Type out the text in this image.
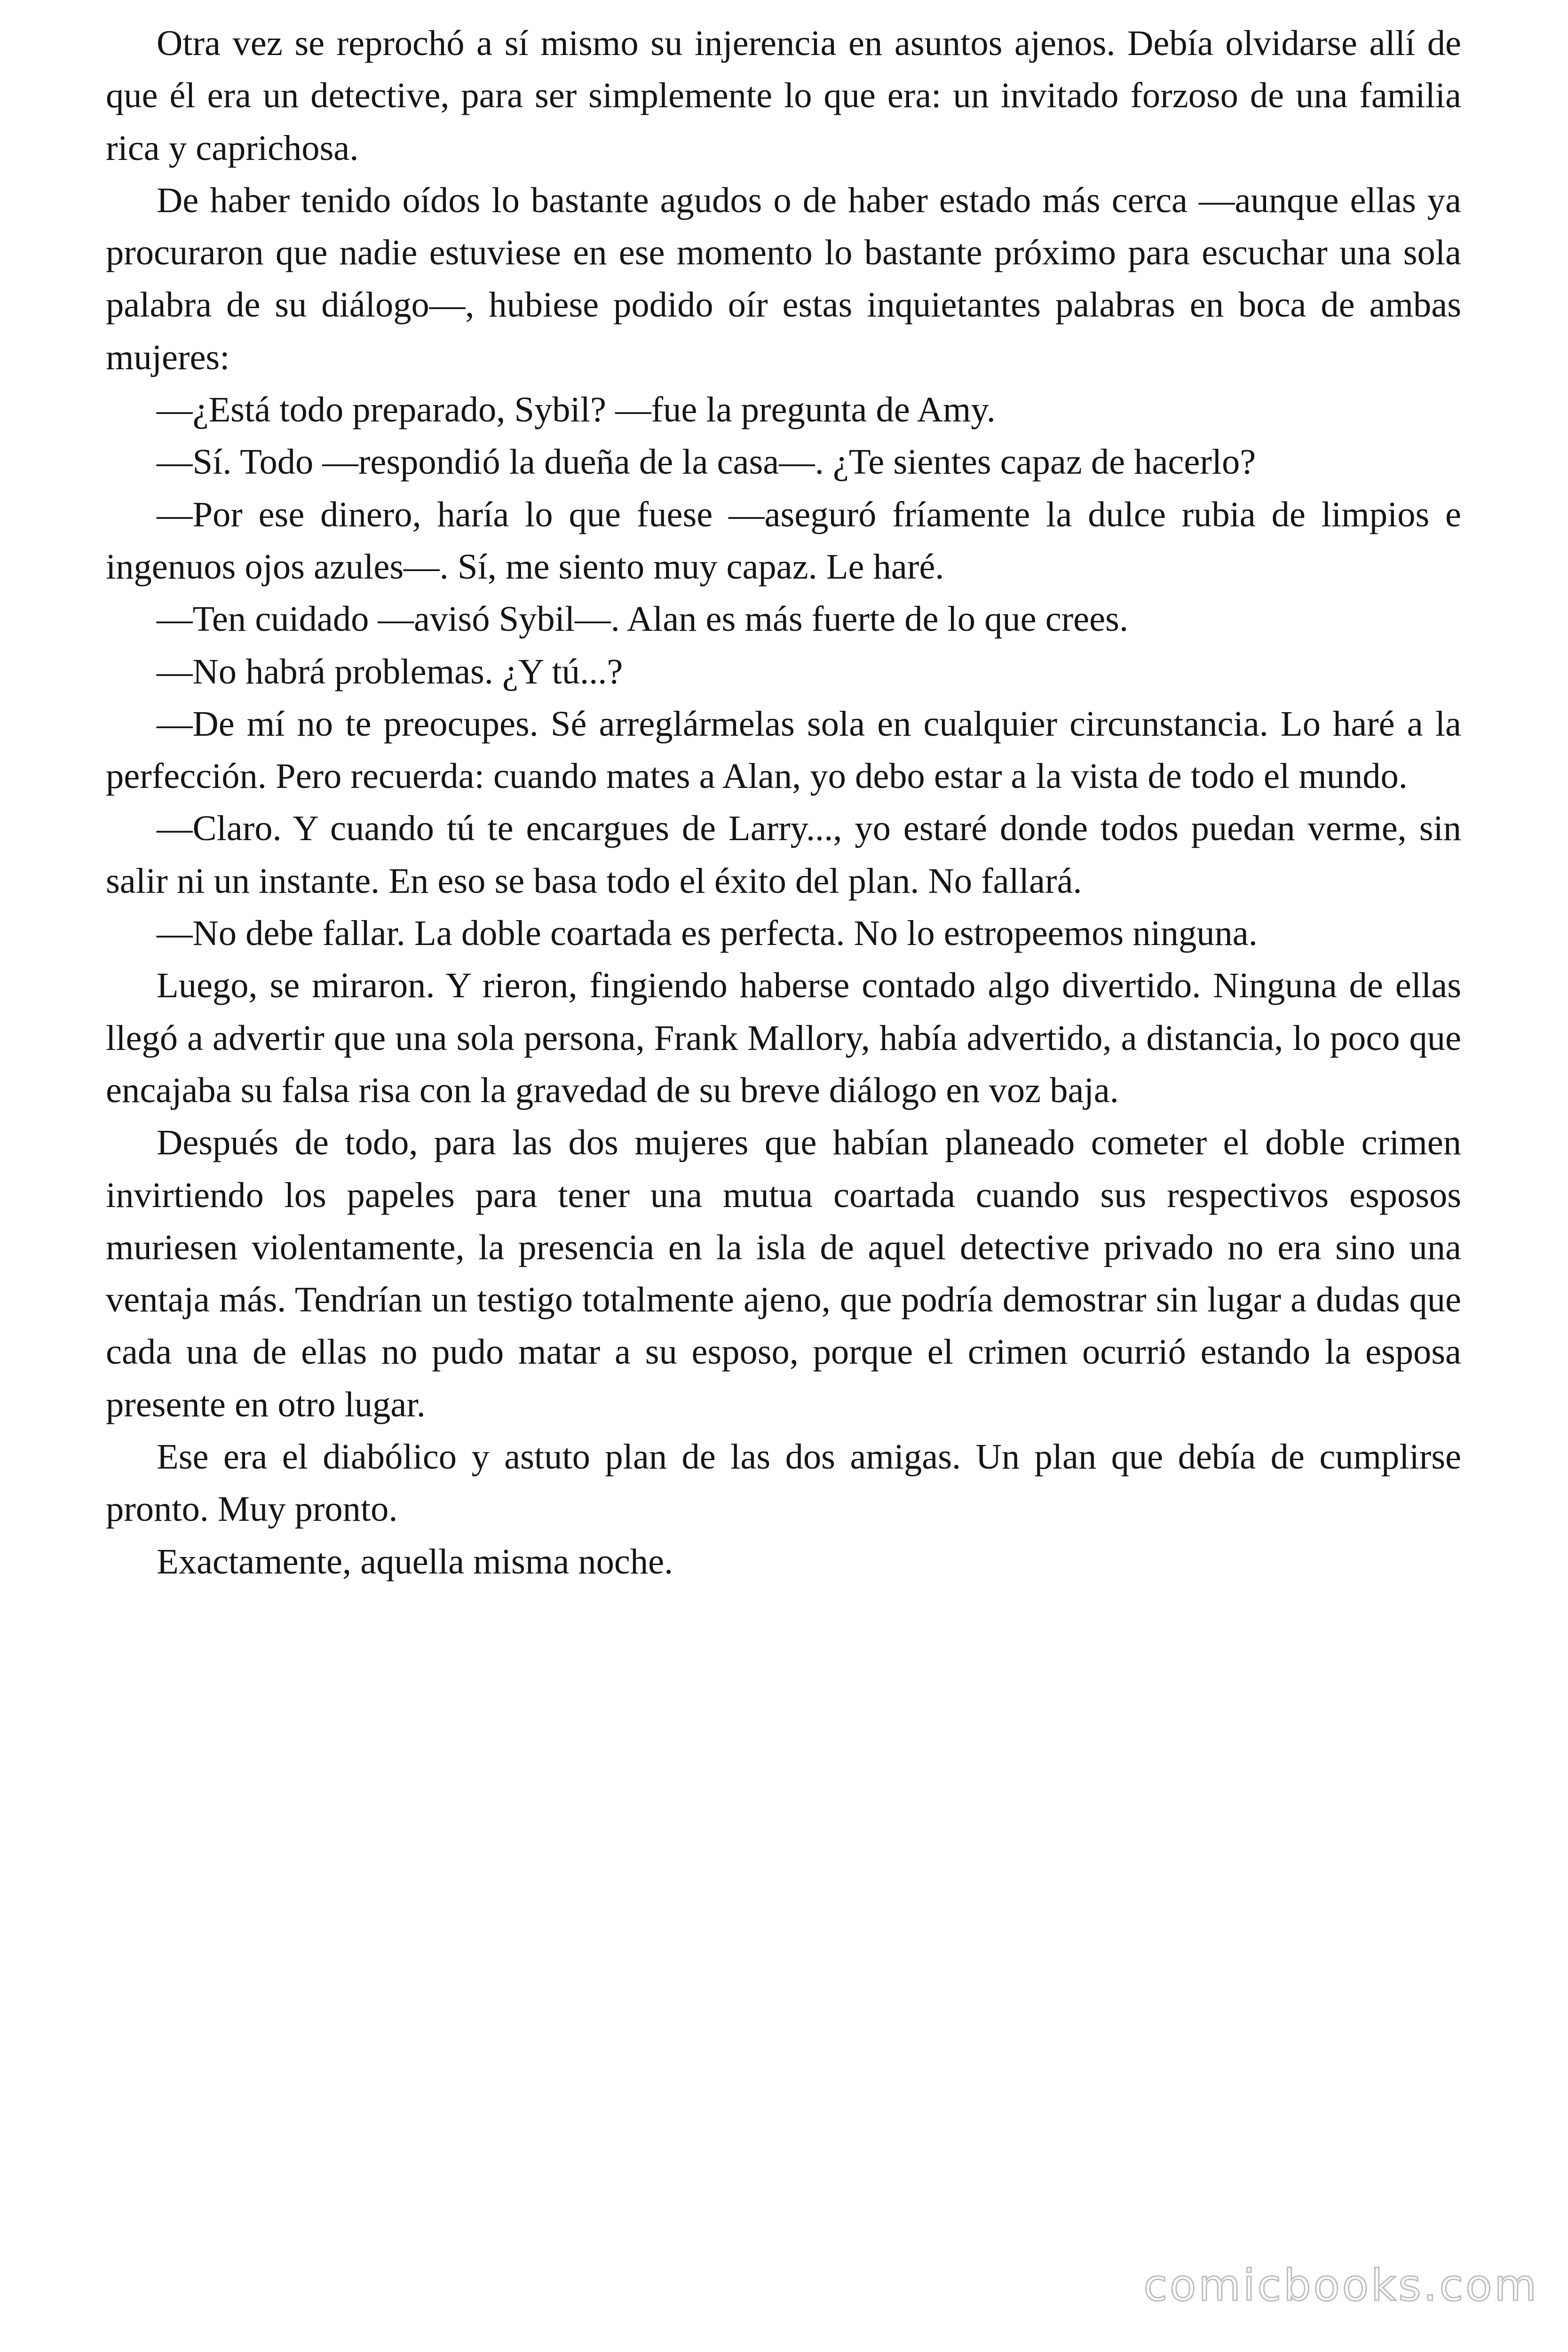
Otra vez se reprochó a sí mismo su injerencia en asuntos ajenos. Debía olvidarse allí de que él era un detective, para ser simplemente lo que era: un invitado forzoso de una familia rica y caprichosa.

De haber tenido oídos lo bastante agudos o de haber estado más cerca —aunque ellas ya procuraron que nadie estuviese en ese momento lo bastante próximo para escuchar una sola palabra de su diálogo—, hubiese podido oír estas inquietantes palabras en boca de ambas mujeres:

—¿Está todo preparado, Sybil? —fue la pregunta de Amy.

—Sí. Todo —respondió la dueña de la casa—. ¿Te sientes capaz de hacerlo?

—Por ese dinero, haría lo que fuese —aseguró fríamente la dulce rubia de limpios e ingenuos ojos azules—. Sí, me siento muy capaz. Le haré.

—Ten cuidado —avisó Sybil—. Alan es más fuerte de lo que crees.

—No habrá problemas. ¿Y tú...?

—De mí no te preocupes. Sé arreglármelas sola en cualquier circunstancia. Lo haré a la perfección. Pero recuerda: cuando mates a Alan, yo debo estar a la vista de todo el mundo.

—Claro. Y cuando tú te encargues de Larry..., yo estaré donde todos puedan verme, sin salir ni un instante. En eso se basa todo el éxito del plan. No fallará.

—No debe fallar. La doble coartada es perfecta. No lo estropeemos ninguna.

Luego, se miraron. Y rieron, fingiendo haberse contado algo divertido. Ninguna de ellas llegó a advertir que una sola persona, Frank Mallory, había advertido, a distancia, lo poco que encajaba su falsa risa con la gravedad de su breve diálogo en voz baja.

Después de todo, para las dos mujeres que habían planeado cometer el doble crimen invirtiendo los papeles para tener una mutua coartada cuando sus respectivos esposos muriesen violentamente, la presencia en la isla de aquel detective privado no era sino una ventaja más. Tendrían un testigo totalmente ajeno, que podría demostrar sin lugar a dudas que cada una de ellas no pudo matar a su esposo, porque el crimen ocurrió estando la esposa presente en otro lugar.

Ese era el diabólico y astuto plan de las dos amigas. Un plan que debía de cumplirse pronto. Muy pronto.

Exactamente, aquella misma noche.

comicbooks.com
